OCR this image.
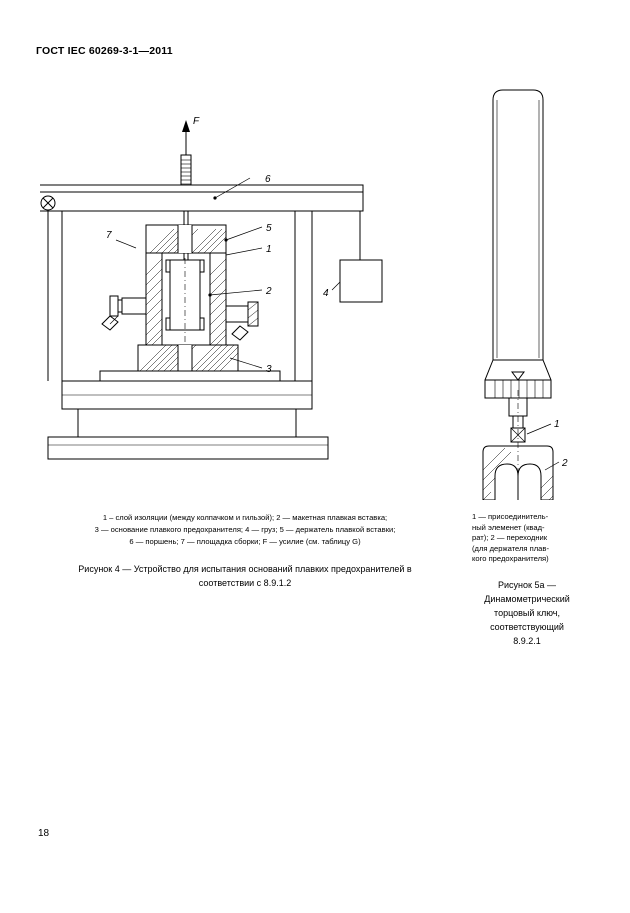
ГОСТ IEC 60269-3-1—2011
F
6
5
1
2
3
7
4
1 – слой изоляции (между колпачком и гильзой); 2 — макетная плавкая вставка;
3 — основание плавкого предохранителя; 4 — груз; 5 — держатель плавкой вставки;
6 — поршень; 7 — площадка сборки; F — усилие (см. таблицу G)
Рисунок 4 — Устройство для испытания оснований плавких предохранителей в
соответствии с 8.9.1.2
1
2
1 — присоединитель-
ный элеменет (квад-
рат); 2 — переходник
(для держателя плав-
кого предохранителя)
Рисунок 5a —
Динамометрический
торцовый ключ,
соответствующий
8.9.2.1
18
